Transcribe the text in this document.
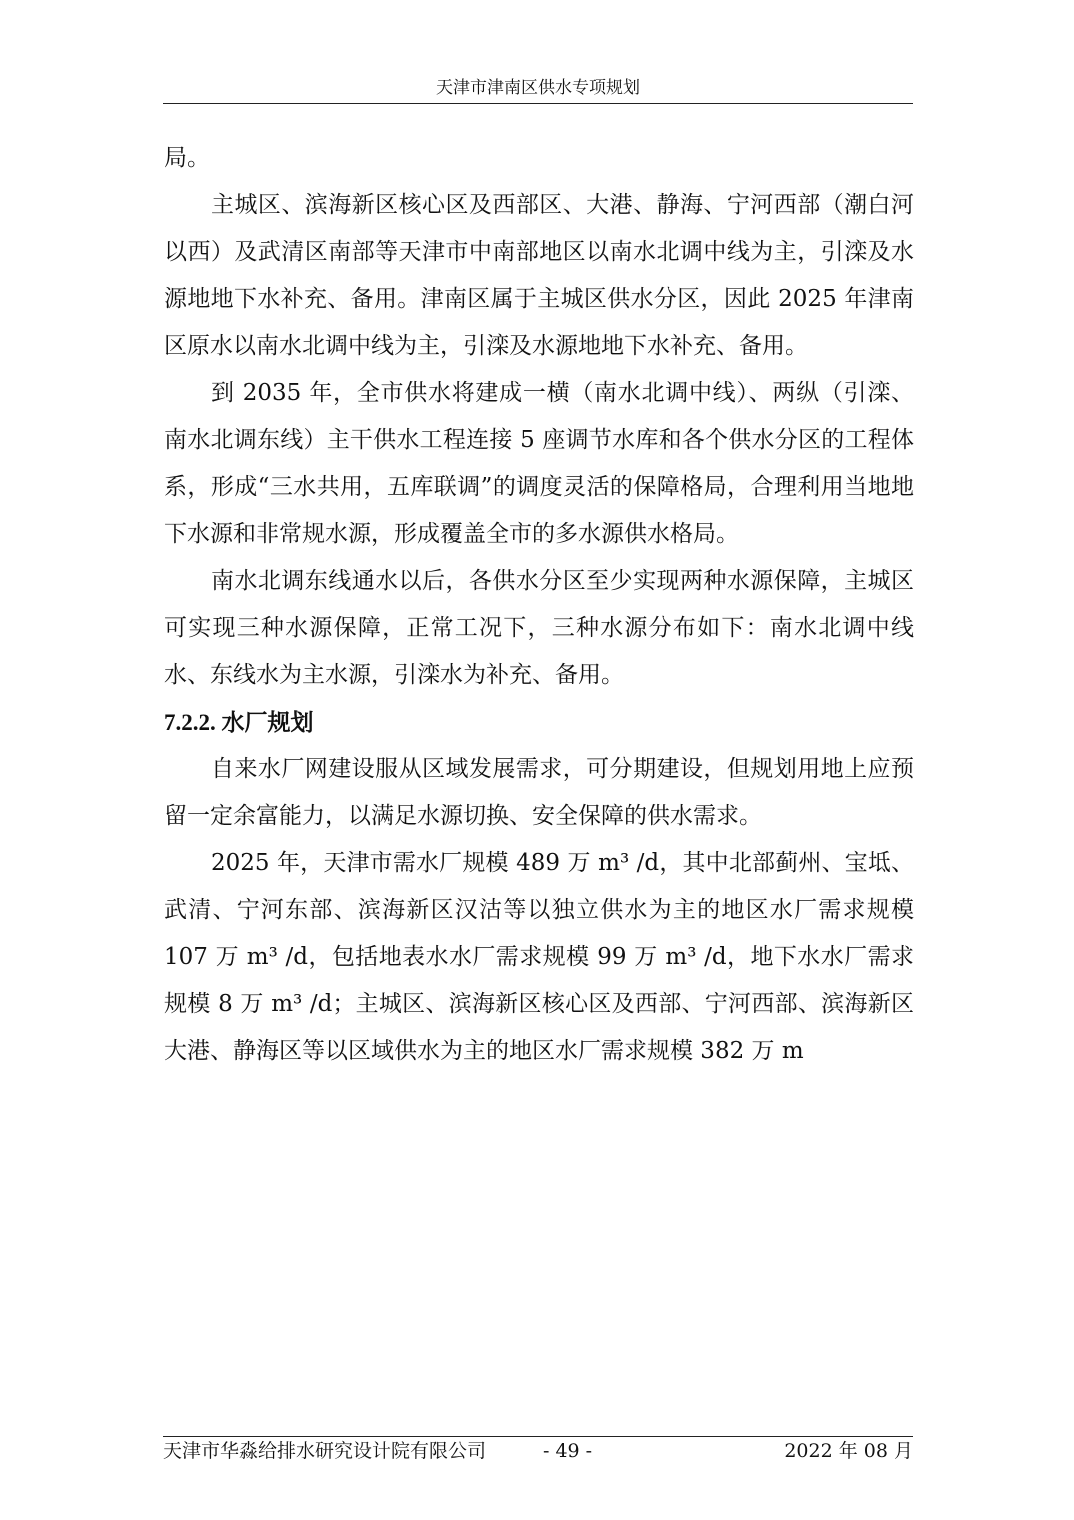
天津市津南区供水专项规划

局。

主城区、滨海新区核心区及西部区、大港、静海、宁河西部（潮白河以西）及武清区南部等天津市中南部地区以南水北调中线为主，引滦及水源地地下水补充、备用。津南区属于主城区供水分区，因此 2025 年津南区原水以南水北调中线为主，引滦及水源地地下水补充、备用。

到 2035 年，全市供水将建成一横（南水北调中线）、两纵（引滦、南水北调东线）主干供水工程连接 5 座调节水库和各个供水分区的工程体系，形成“三水共用，五库联调”的调度灵活的保障格局，合理利用当地地下水源和非常规水源，形成覆盖全市的多水源供水格局。

南水北调东线通水以后，各供水分区至少实现两种水源保障，主城区可实现三种水源保障，正常工况下，三种水源分布如下：南水北调中线水、东线水为主水源，引滦水为补充、备用。

7.2.2. 水厂规划

自来水厂网建设服从区域发展需求，可分期建设，但规划用地上应预留一定余富能力，以满足水源切换、安全保障的供水需求。

2025 年，天津市需水厂规模 489 万 m³ /d，其中北部蓟州、宝坻、武清、宁河东部、滨海新区汉沽等以独立供水为主的地区水厂需求规模 107 万 m³ /d，包括地表水水厂需求规模 99 万 m³ /d，地下水水厂需求规模 8 万 m³ /d；主城区、滨海新区核心区及西部、宁河西部、滨海新区大港、静海区等以区域供水为主的地区水厂需求规模 382 万 m

天津市华淼给排水研究设计院有限公司	- 49 -	2022 年 08 月
